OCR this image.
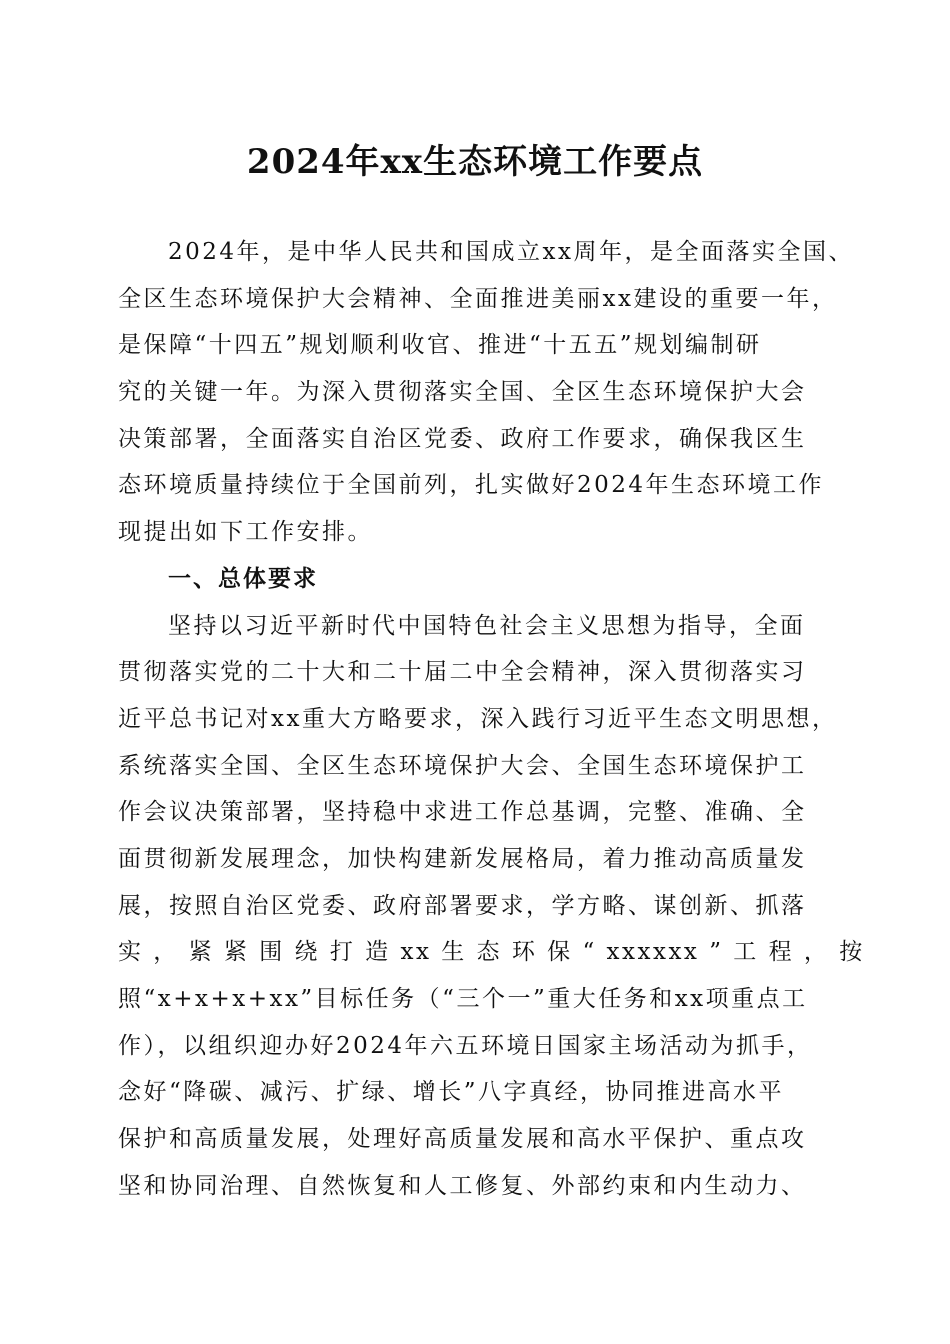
2024年xx生态环境工作要点
2024年，是中华人民共和国成立xx周年，是全面落实全国、
全区生态环境保护大会精神、全面推进美丽xx建设的重要一年，
是保障“十四五”规划顺利收官、推进“十五五”规划编制研
究的关键一年。为深入贯彻落实全国、全区生态环境保护大会
决策部署，全面落实自治区党委、政府工作要求，确保我区生
态环境质量持续位于全国前列，扎实做好2024年生态环境工作
现提出如下工作安排。
一、总体要求
坚持以习近平新时代中国特色社会主义思想为指导，全面
贯彻落实党的二十大和二十届二中全会精神，深入贯彻落实习
近平总书记对xx重大方略要求，深入践行习近平生态文明思想，
系统落实全国、全区生态环境保护大会、全国生态环境保护工
作会议决策部署，坚持稳中求进工作总基调，完整、准确、全
面贯彻新发展理念，加快构建新发展格局，着力推动高质量发
展，按照自治区党委、政府部署要求，学方略、谋创新、抓落
实 ， 紧 紧 围 绕 打 造 xx 生 态 环 保 “ xxxxxx ” 工 程 ， 按
照“x+x+x+xx”目标任务（“三个一”重大任务和xx项重点工
作），以组织迎办好2024年六五环境日国家主场活动为抓手，
念好“降碳、减污、扩绿、增长”八字真经，协同推进高水平
保护和高质量发展，处理好高质量发展和高水平保护、重点攻
坚和协同治理、自然恢复和人工修复、外部约束和内生动力、
